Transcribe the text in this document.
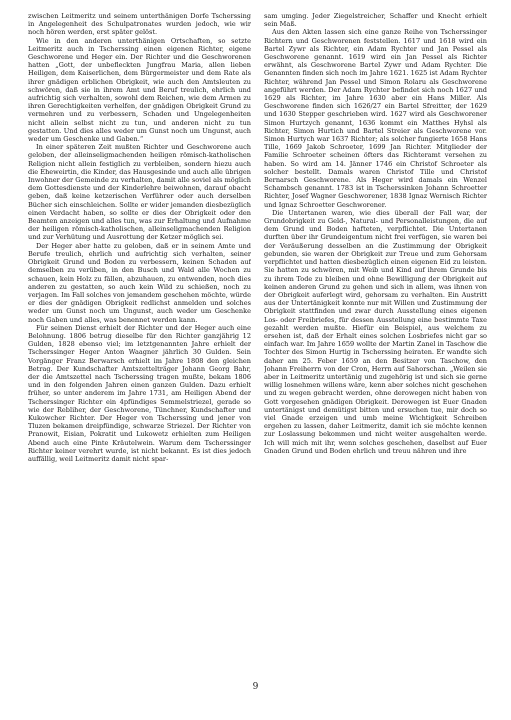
zwischen Leitmeritz und seinem unterthänigen Dorfe Tscherssing in Angelegenheit des Schulpatronates wurden jedoch, wie wir noch hören werden, erst später gelöst.

Wie in den anderen unterthänigen Ortschaften, so setzte Leitmeritz auch in Tscherssing einen eigenen Richter, eigene Geschworene und Heger ein. Der Richter und die Geschworenen hatten „Gott, der unbefleckten Jungfrau Maria, allen lieben Heiligen, dem Kaiserlichen, dem Bürgermeister und dem Rate als ihrer gnädigen erblichen Obrigkeit, wie auch den Amtsleuten zu schwören, daß sie in ihrem Amt und Beruf treulich, ehrlich und aufrichtig sich verhalten, sowohl dem Reichen, wie dem Armen zu ihren Gerechtigkeiten verhelfen, der gnädigen Obrigkeit Grund zu vermehren und zu verbessern, Schaden und Ungelegenheiten nicht allein selbst nicht zu tun, und anderen nicht zu tun gestatten. Und dies alles weder um Gunst noch um Ungunst, auch weder um Geschenke und Gaben.“

In einer späteren Zeit mußten Richter und Geschworene auch geloben, der alleinseligmachenden heiligen römisch-katholischen Religion nicht allein festiglich zu verbleiben, sondern hiezu auch die Eheweirtin, die Kinder, das Hausgesinde und auch alle übrigen Inwohner der Gemeinde zu verhalten, damit alle soviel als möglich dem Gottesdienste und der Kinderlehre beiwohnen, darauf obacht geben, daß keine ketzerischen Verführer oder auch derselben Bücher sich einschleichen. Sollte er wider jemanden diesbezüglich einen Verdacht haben, so sollte er dies der Obrigkeit oder den Beamten anzeigen und alles tun, was zur Erhaltung und Aufnahme der heiligen römisch-katholischen, alleinseligmachenden Religion und zur Verhütung und Ausrottung der Ketzer möglich sei.

Der Heger aber hatte zu geloben, daß er in seinem Amte und Berufe treulich, ehrlich und aufrichtig sich verhalten, seiner Obrigkeit Grund und Boden zu verbessern, keinen Schaden auf demselben zu verüben, in den Busch und Wald alle Wochen zu schauen, kein Holz zu fällen, abzuhauen, zu entwenden, noch dies anderen zu gestatten, so auch kein Wild zu schießen, noch zu verjagen. Im Fall solches von jemandem geschehen möchte, würde er dies der gnädigen Obrigkeit redlichst anmelden und solches weder um Gunst noch um Ungunst, auch weder um Geschenke noch Gaben und alles, was benennet werden kann.

Für seinen Dienst erhielt der Richter und der Heger auch eine Belohnung. 1806 betrug dieselbe für den Richter ganzjährig 12 Gulden, 1828 ebenso viel; im letztgenannten Jahre erhielt der Tscherssinger Heger Anton Waagner jährlich 30 Gulden. Sein Vorgänger Franz Berwarsch erhielt im Jahre 1808 den gleichen Betrag. Der Kundschafter Amtszettelträger Johann Georg Bahr, der die Amtszettel nach Tscherssing tragen mußte, bekam 1806 und in den folgenden Jahren einen ganzen Gulden. Dazu erhielt früher, so unter anderem im Jahre 1731, am Heiligen Abend der Tscherssinger Richter ein 4pfündiges Semmelstriezel, gerade so wie der Rebliher, der Geschworene, Tünchner, Kundschafter und Kukowcher Richter. Der Heger von Tscherssing und jener von Tluzen bekamen dreipfündige, schwarze Striezel. Der Richter von Pranowit, Eisian, Pokratit und Lukowetz erhielten zum Heiligen Abend auch eine Pinte Kräutelwein. Warum dem Tscherssinger Richter keiner verehrt wurde, ist nicht bekannt. Es ist dies jedoch auffällig, weil Leitmeritz damit nicht spar-

sam umging. Jeder Ziegelstreicher, Schaffer und Knecht erhielt sein Maß.

Aus den Akten lassen sich eine ganze Reihe von Tscherssinger Richtern und Geschworenen feststellen. 1617 und 1618 wird ein Bartel Zywr als Richter, ein Adam Rychter und Jan Pessel als Geschworene genannt. 1619 wird ein Jan Pessel als Richter erwähnt, als Geschworene Bartel Zywr und Adam Rychter. Die Genannten finden sich noch im Jahre 1621. 1625 ist Adam Rychter Richter, während Jan Pessel und Simon Rolaru als Geschworene angeführt werden. Der Adam Rychter befindet sich noch 1627 und 1629 als Richter, im Jahre 1630 aber ein Hans Miller. Als Geschworene finden sich 1626/27 ein Bartel Sfreitter, der 1629 und 1630 Stepper geschrieben wird. 1627 wird als Geschworener Simon Hurtzych genannt, 1636 kommt ein Matthes Hyhsl als Richter, Simon Hurtich und Bartel Streier als Geschworene vor. Simon Hurtych war 1637 Richter; als solcher fungierte 1658 Hans Tille, 1669 Jakob Schroeter, 1699 Jan Richter. Mitglieder der Familie Schroeter scheinen öfters das Richteramt versehen zu haben. So wird am 14. Jänner 1746 ein Christof Schroeter als solcher bestellt. Damals waren Christof Tille und Christof Bernarsch Geschworene. Als Heger wird damals ein Wenzel Schambsch genannt. 1783 ist in Tscherssinken Johann Schroetter Richter, Josef Wagner Geschworener, 1838 Ignaz Wernisch Richter und Ignaz Schroetter Geschworener.

Die Untertanen waren, wie dies überall der Fall war, der Grundobrigkeit zu Geld-, Natural- und Personalleistungen, die auf dem Grund und Boden hafteten, verpflichtet. Die Untertanen durften über ihr Grundeigentum nicht frei verfügen, sie waren bei der Veräußerung desselben an die Zustimmung der Obrigkeit gebunden, sie waren der Obrigkeit zur Treue und zum Gehorsam verpflichtet und hatten diesbezüglich einen eigenen Eid zu leisten. Sie hatten zu schwören, mit Weib und Kind auf ihrem Grunde bis zu ihrem Tode zu bleiben und ohne Bewilligung der Obrigkeit auf keinen anderen Grund zu gehen und sich in allem, was ihnen von der Obrigkeit auferlegt wird, gehorsam zu verhalten. Ein Austritt aus der Untertänigkeit konnte nur mit Willen und Zustimmung der Obrigkeit stattfinden und zwar durch Ausstellung eines eigenen Los- oder Freibriefes, für dessen Ausstellung eine bestimmte Taxe gezahlt werden mußte. Hiefür ein Beispiel, aus welchem zu ersehen ist, daß der Erhalt eines solchen Losbriefes nicht gar so einfach war. Im Jahre 1659 wollte der Martin Zanel in Taschow die Tochter des Simon Hurtig in Tscherssing heiraten. Er wandte sich daher am 25. Feber 1659 an den Besitzer von Taschow, den Johann Freiherrn von der Cron, Herrn auf Sahorschan. „Weilen sie aber in Leitmeritz untertänig und zugehörig ist und sich sie gerne willig losnehmen willens wäre, kenn aber solches nicht geschehen und zu wegen gebracht werden, ohne derowegen nicht haben von Gott vorgesehen gnädigen Obrigkeit. Derowegen ist Euer Gnaden untertänigst und demütigst bitten und ersuchen tue, mir doch so viel Gnade erzeigen und umb meine Wichtigkeit Schreiben ergehen zu lassen, daher Leitmeritz, damit ich sie möchte kennen zur Loslassung bekommen und nicht weiter ausgehalten werde. Ich will mich mit ihr, wenn solches geschehen, daselbst auf Euer Gnaden Grund und Boden ehrlich und treuu nähren und ihre

9
